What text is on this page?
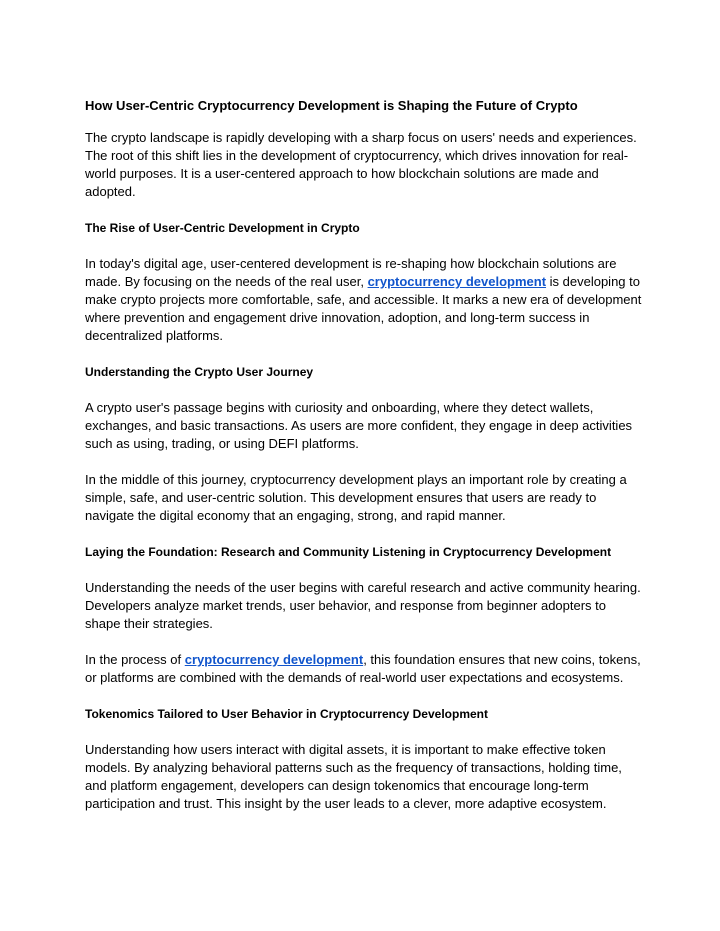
How User-Centric Cryptocurrency Development is Shaping the Future of Crypto

The crypto landscape is rapidly developing with a sharp focus on users' needs and experiences. The root of this shift lies in the development of cryptocurrency, which drives innovation for real-world purposes. It is a user-centered approach to how blockchain solutions are made and adopted.

The Rise of User-Centric Development in Crypto

In today's digital age, user-centered development is re-shaping how blockchain solutions are made. By focusing on the needs of the real user, cryptocurrency development is developing to make crypto projects more comfortable, safe, and accessible. It marks a new era of development where prevention and engagement drive innovation, adoption, and long-term success in decentralized platforms.

Understanding the Crypto User Journey

A crypto user's passage begins with curiosity and onboarding, where they detect wallets, exchanges, and basic transactions. As users are more confident, they engage in deep activities such as using, trading, or using DEFI platforms.

In the middle of this journey, cryptocurrency development plays an important role by creating a simple, safe, and user-centric solution. This development ensures that users are ready to navigate the digital economy that an engaging, strong, and rapid manner.

Laying the Foundation: Research and Community Listening in Cryptocurrency Development

Understanding the needs of the user begins with careful research and active community hearing. Developers analyze market trends, user behavior, and response from beginner adopters to shape their strategies.

In the process of cryptocurrency development, this foundation ensures that new coins, tokens, or platforms are combined with the demands of real-world user expectations and ecosystems.

Tokenomics Tailored to User Behavior in Cryptocurrency Development

Understanding how users interact with digital assets, it is important to make effective token models. By analyzing behavioral patterns such as the frequency of transactions, holding time, and platform engagement, developers can design tokenomics that encourage long-term participation and trust. This insight by the user leads to a clever, more adaptive ecosystem.
